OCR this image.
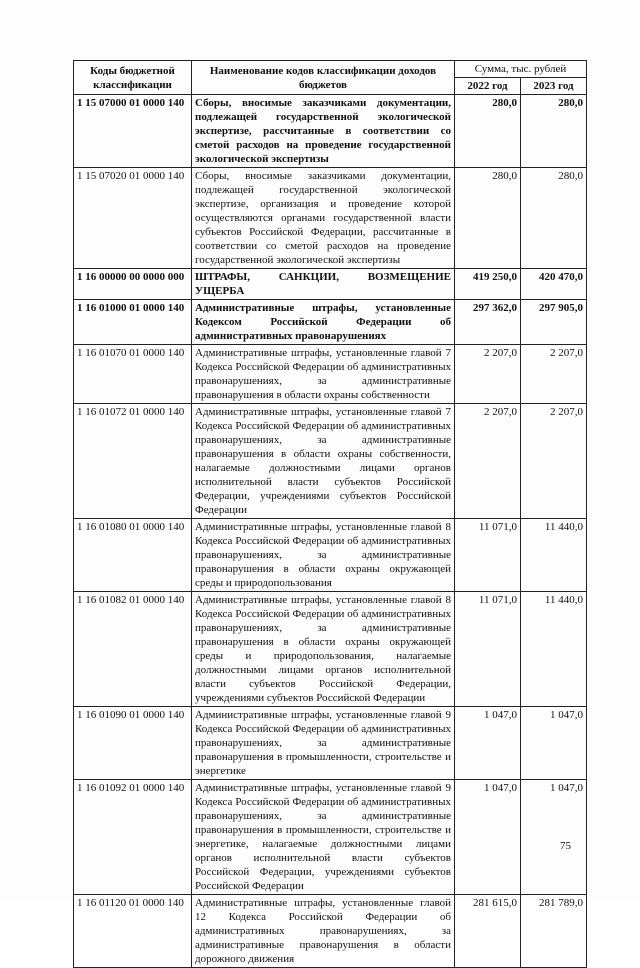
Коды бюджетной классификации	Наименование кодов классификации доходов бюджетов	Сумма, тыс. рублей	
		2022 год	2023 год
1 15 07000 01 0000 140	Сборы, вносимые заказчиками документации, подлежащей государственной экологической экспертизе, рассчитанные в соответствии со сметой расходов на проведение государственной экологической экспертизы	280,0	280,0
1 15 07020 01 0000 140	Сборы, вносимые заказчиками документации, подлежащей государственной экологической экспертизе, организация и проведение которой осуществляются органами государственной власти субъектов Российской Федерации, рассчитанные в соответствии со сметой расходов на проведение государственной экологической экспертизы	280,0	280,0
1 16 00000 00 0000 000	ШТРАФЫ, САНКЦИИ, ВОЗМЕЩЕНИЕ УЩЕРБА	419 250,0	420 470,0
1 16 01000 01 0000 140	Административные штрафы, установленные Кодексом Российской Федерации об административных правонарушениях	297 362,0	297 905,0
1 16 01070 01 0000 140	Административные штрафы, установленные главой 7 Кодекса Российской Федерации об административных правонарушениях, за административные правонарушения в области охраны собственности	2 207,0	2 207,0
1 16 01072 01 0000 140	Административные штрафы, установленные главой 7 Кодекса Российской Федерации об административных правонарушениях, за административные правонарушения в области охраны собственности, налагаемые должностными лицами органов исполнительной власти субъектов Российской Федерации, учреждениями субъектов Российской Федерации	2 207,0	2 207,0
1 16 01080 01 0000 140	Административные штрафы, установленные главой 8 Кодекса Российской Федерации об административных правонарушениях, за административные правонарушения в области охраны окружающей среды и природопользования	11 071,0	11 440,0
1 16 01082 01 0000 140	Административные штрафы, установленные главой 8 Кодекса Российской Федерации об административных правонарушениях, за административные правонарушения в области охраны окружающей среды и природопользования, налагаемые должностными лицами органов исполнительной власти субъектов Российской Федерации, учреждениями субъектов Российской Федерации	11 071,0	11 440,0
1 16 01090 01 0000 140	Административные штрафы, установленные главой 9 Кодекса Российской Федерации об административных правонарушениях, за административные правонарушения в промышленности, строительстве и энергетике	1 047,0	1 047,0
1 16 01092 01 0000 140	Административные штрафы, установленные главой 9 Кодекса Российской Федерации об административных правонарушениях, за административные правонарушения в промышленности, строительстве и энергетике, налагаемые должностными лицами органов исполнительной власти субъектов Российской Федерации, учреждениями субъектов Российской Федерации	1 047,0	1 047,0
1 16 01120 01 0000 140	Административные штрафы, установленные главой 12 Кодекса Российской Федерации об административных правонарушениях, за административные правонарушения в области дорожного движения	281 615,0	281 789,0
75
